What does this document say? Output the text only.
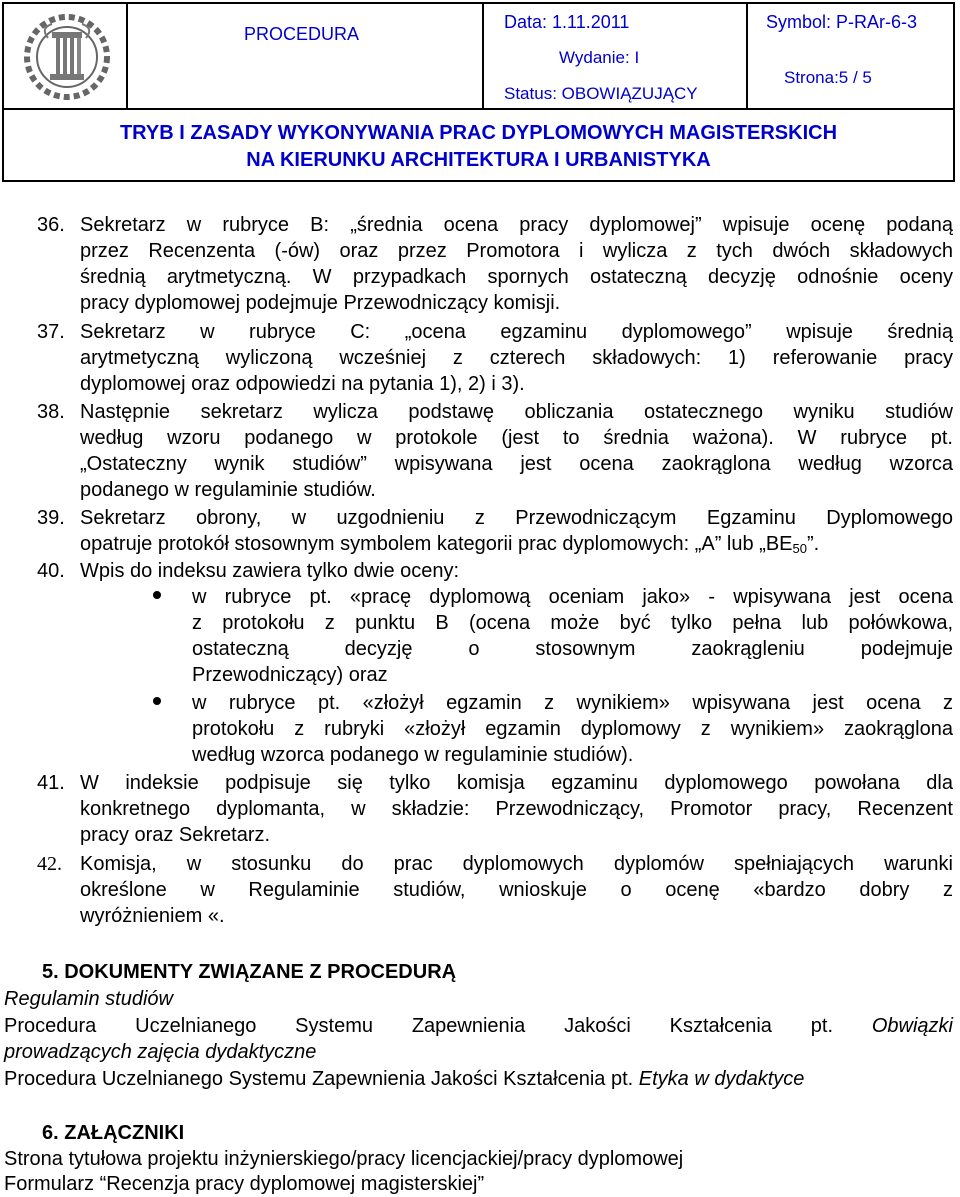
PROCEDURA
Data: 1.11.2011
Wydanie: I
Status: OBOWIĄZUJĄCY
Symbol: P-RAr-6-3
Strona:5 / 5
TRYB I ZASADY WYKONYWANIA PRAC DYPLOMOWYCH MAGISTERSKICH
NA KIERUNKU ARCHITEKTURA I URBANISTYKA
36. Sekretarz w rubryce B: „średnia ocena pracy dyplomowej” wpisuje ocenę podaną
przez Recenzenta (-ów) oraz przez Promotora i wylicza z tych dwóch składowych
średnią arytmetyczną. W przypadkach spornych ostateczną decyzję odnośnie oceny
pracy dyplomowej podejmuje Przewodniczący komisji.
37. Sekretarz w rubryce C: „ocena egzaminu dyplomowego” wpisuje średnią
arytmetyczną wyliczoną wcześniej z czterech składowych: 1) referowanie pracy
dyplomowej oraz odpowiedzi na pytania 1), 2) i 3).
38. Następnie sekretarz wylicza podstawę obliczania ostatecznego wyniku studiów
według wzoru podanego w protokole (jest to średnia ważona). W rubryce pt.
„Ostateczny wynik studiów” wpisywana jest ocena zaokrąglona według wzorca
podanego w regulaminie studiów.
39. Sekretarz obrony, w uzgodnieniu z Przewodniczącym Egzaminu Dyplomowego
opatruje protokół stosownym symbolem kategorii prac dyplomowych: „A” lub $„BE_{50}$”.
40. Wpis do indeksu zawiera tylko dwie oceny:
w rubryce pt. «pracę dyplomową oceniam jako» - wpisywana jest ocena
z protokołu z punktu B (ocena może być tylko pełna lub połówkowa,
ostateczną decyzję o stosownym zaokrągleniu podejmuje
Przewodniczący) oraz
w rubryce pt. «złożył egzamin z wynikiem» wpisywana jest ocena z
protokołu z rubryki «złożył egzamin dyplomowy z wynikiem» zaokrąglona
według wzorca podanego w regulaminie studiów).
41. W indeksie podpisuje się tylko komisja egzaminu dyplomowego powołana dla
konkretnego dyplomanta, w składzie: Przewodniczący, Promotor pracy, Recenzent
pracy oraz Sekretarz.
42. Komisja, w stosunku do prac dyplomowych dyplomów spełniających warunki
określone w Regulaminie studiów, wnioskuje o ocenę «bardzo dobry z
wyróżnieniem «.
5. DOKUMENTY ZWIĄZANE Z PROCEDURĄ
Regulamin studiów
Procedura Uczelnianego Systemu Zapewnienia Jakości Kształcenia pt. Obwiązki
prowadzących zajęcia dydaktyczne
Procedura Uczelnianego Systemu Zapewnienia Jakości Kształcenia pt. Etyka w dydaktyce
6. ZAŁĄCZNIKI
Strona tytułowa projektu inżynierskiego/pracy licencjackiej/pracy dyplomowej
Formularz “Recenzja pracy dyplomowej magisterskiej”
